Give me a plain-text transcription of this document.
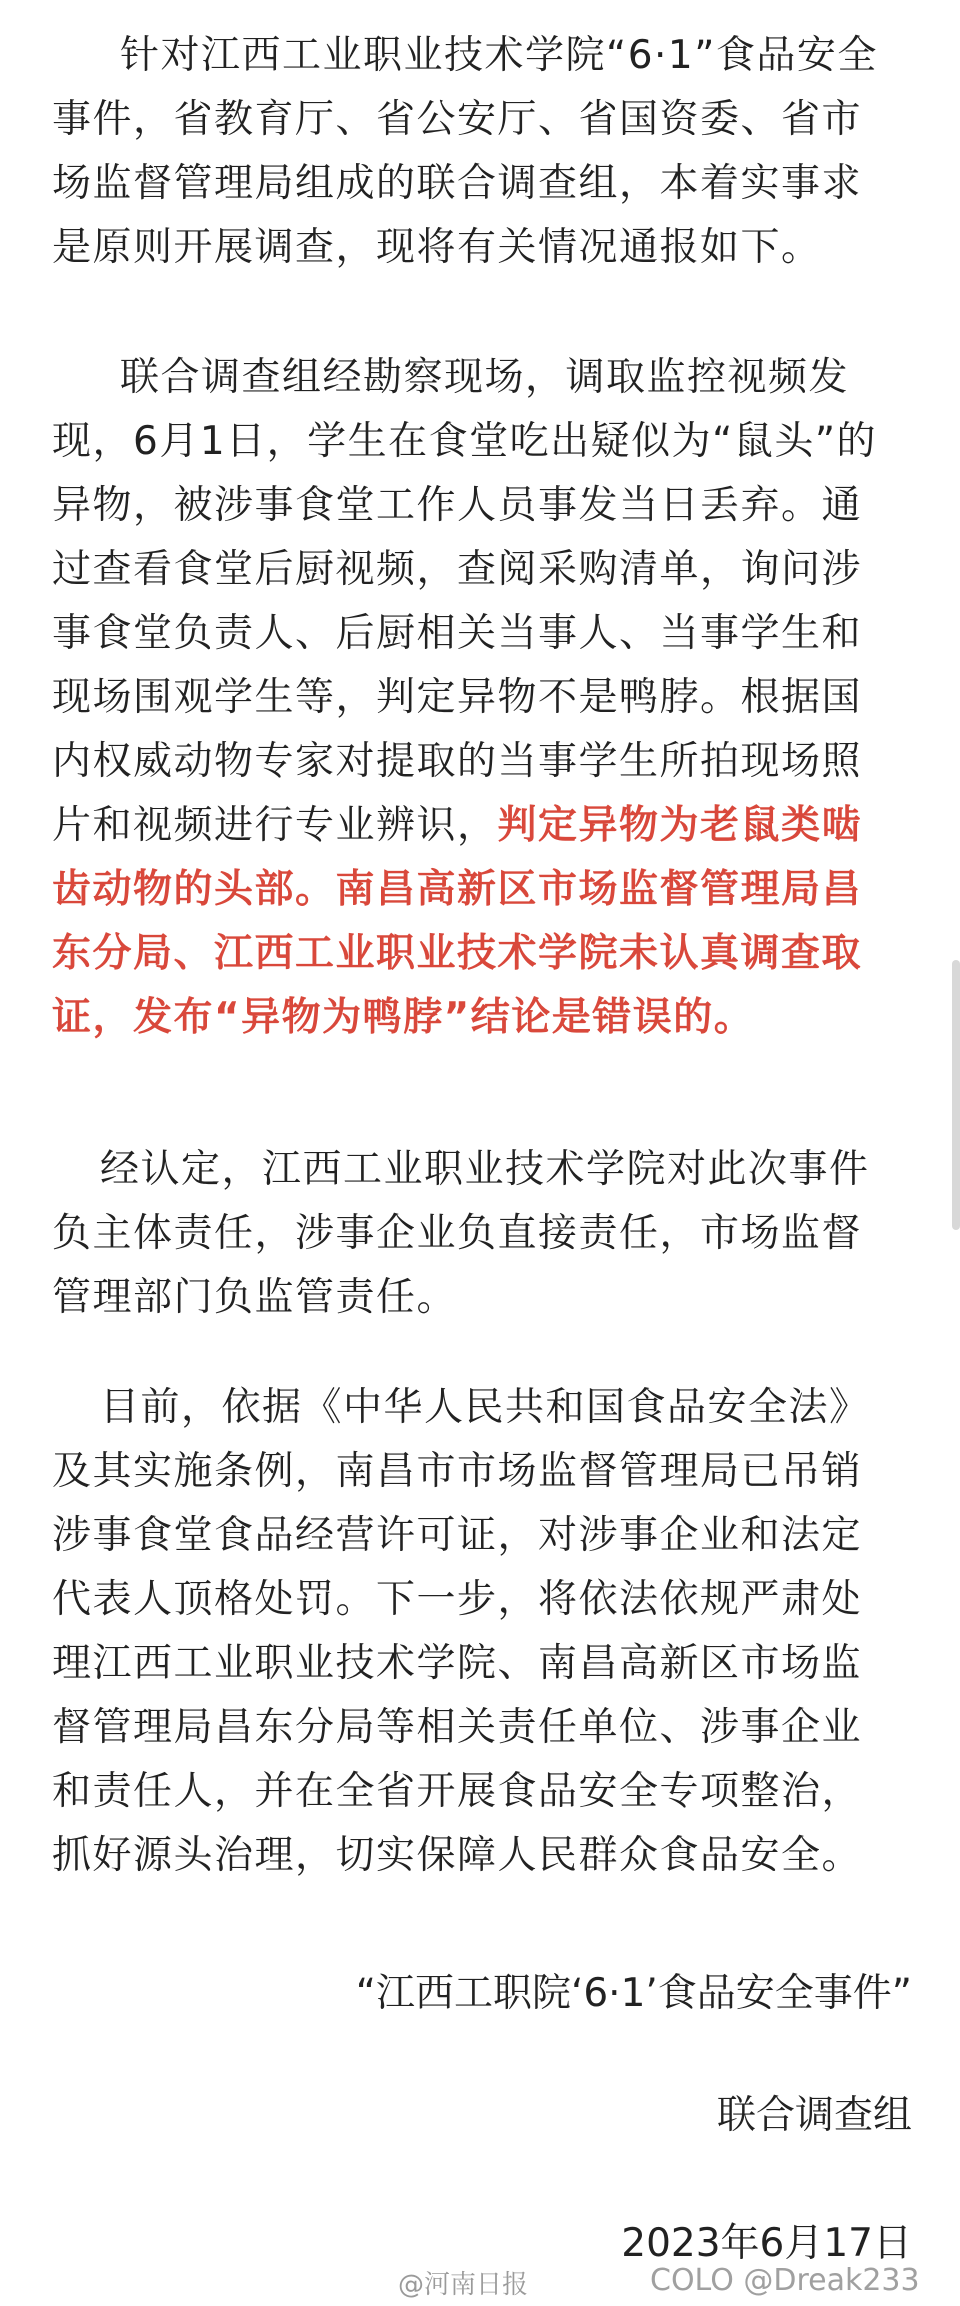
针对江西工业职业技术学院“6·1”食品安全
事件，省教育厅、省公安厅、省国资委、省市
场监督管理局组成的联合调查组，本着实事求
是原则开展调查，现将有关情况通报如下。
联合调查组经勘察现场，调取监控视频发
现，6月1日，学生在食堂吃出疑似为“鼠头”的
异物，被涉事食堂工作人员事发当日丢弃。通
过查看食堂后厨视频，查阅采购清单，询问涉
事食堂负责人、后厨相关当事人、当事学生和
现场围观学生等，判定异物不是鸭脖。根据国
内权威动物专家对提取的当事学生所拍现场照
片和视频进行专业辨识，判定异物为老鼠类啮
齿动物的头部。南昌高新区市场监督管理局昌
东分局、江西工业职业技术学院未认真调查取
证，发布“异物为鸭脖”结论是错误的。
经认定，江西工业职业技术学院对此次事件
负主体责任，涉事企业负直接责任，市场监督
管理部门负监管责任。
目前，依据《中华人民共和国食品安全法》
及其实施条例，南昌市市场监督管理局已吊销
涉事食堂食品经营许可证，对涉事企业和法定
代表人顶格处罚。下一步，将依法依规严肃处
理江西工业职业技术学院、南昌高新区市场监
督管理局昌东分局等相关责任单位、涉事企业
和责任人，并在全省开展食品安全专项整治，
抓好源头治理，切实保障人民群众食品安全。
“江西工职院‘6·1’食品安全事件”
联合调查组
2023年6月17日
@河南日报	COLO @Dreak233
